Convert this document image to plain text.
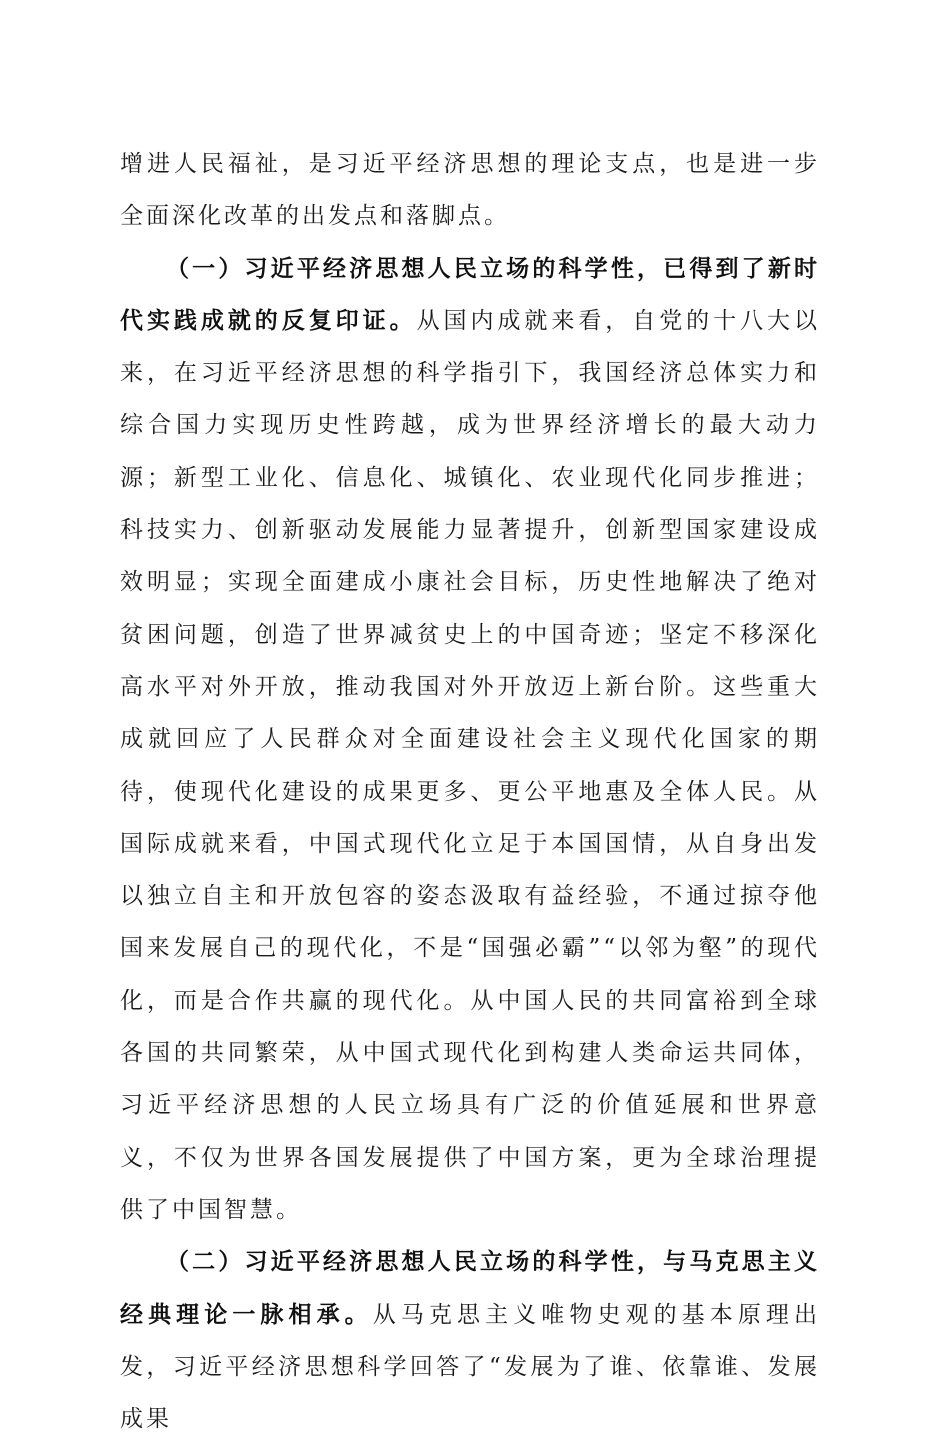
增进人民福祉，是习近平经济思想的理论支点，也是进一步全面深化改革的出发点和落脚点。

（一）习近平经济思想人民立场的科学性，已得到了新时代实践成就的反复印证。从国内成就来看，自党的十八大以来，在习近平经济思想的科学指引下，我国经济总体实力和综合国力实现历史性跨越，成为世界经济增长的最大动力源；新型工业化、信息化、城镇化、农业现代化同步推进；科技实力、创新驱动发展能力显著提升，创新型国家建设成效明显；实现全面建成小康社会目标，历史性地解决了绝对贫困问题，创造了世界减贫史上的中国奇迹；坚定不移深化高水平对外开放，推动我国对外开放迈上新台阶。这些重大成就回应了人民群众对全面建设社会主义现代化国家的期待，使现代化建设的成果更多、更公平地惠及全体人民。从国际成就来看，中国式现代化立足于本国国情，从自身出发以独立自主和开放包容的姿态汲取有益经验，不通过掠夺他国来发展自己的现代化，不是“国强必霸”“以邻为壑”的现代化，而是合作共赢的现代化。从中国人民的共同富裕到全球各国的共同繁荣，从中国式现代化到构建人类命运共同体，习近平经济思想的人民立场具有广泛的价值延展和世界意义，不仅为世界各国发展提供了中国方案，更为全球治理提供了中国智慧。

（二）习近平经济思想人民立场的科学性，与马克思主义经典理论一脉相承。从马克思主义唯物史观的基本原理出发，习近平经济思想科学回答了“发展为了谁、依靠谁、发展成果
